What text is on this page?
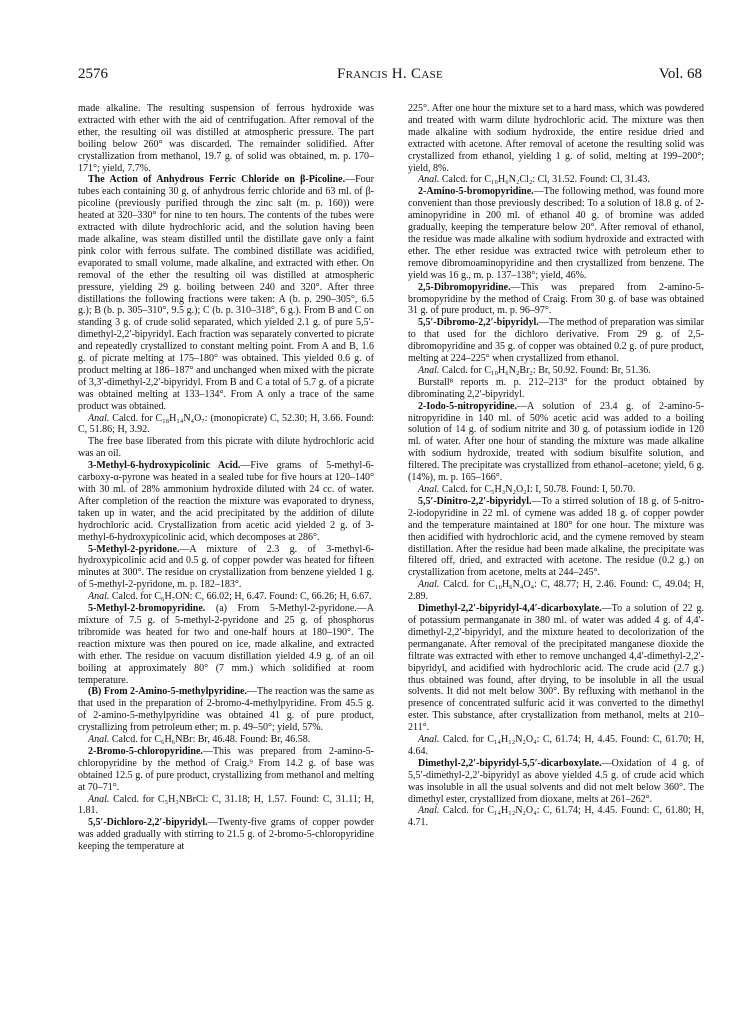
2576	Francis H. Case	Vol. 68

made alkaline. The resulting suspension of ferrous hydroxide was extracted with ether with the aid of centrifugation. After removal of the ether, the resulting oil was distilled at atmospheric pressure. The part boiling below 260° was discarded. The remainder solidified. After crystallization from methanol, 19.7 g. of solid was obtained, m. p. 170–171°; yield, 7.7%.

The Action of Anhydrous Ferric Chloride on β-Picoline.—Four tubes each containing 30 g. of anhydrous ferric chloride and 63 ml. of β-picoline (previously purified through the zinc salt (m. p. 160)) were heated at 320–330° for nine to ten hours. The contents of the tubes were extracted with dilute hydrochloric acid, and the solution having been made alkaline, was steam distilled until the distillate gave only a faint pink color with ferrous sulfate. The combined distillate was acidified, evaporated to small volume, made alkaline, and extracted with ether. On removal of the ether the resulting oil was distilled at atmospheric pressure, yielding 29 g. boiling between 240 and 320°. After three distillations the following fractions were taken: A (b. p. 290–305°, 6.5 g.); B (b. p. 305–310°, 9.5 g.); C (b. p. 310–318°, 6 g.). From B and C on standing 3 g. of crude solid separated, which yielded 2.1 g. of pure 5,5′-dimethyl-2,2′-bipyridyl. Each fraction was separately converted to picrate and repeatedly crystallized to constant melting point. From A and B, 1.6 g. of picrate melting at 175–180° was obtained. This yielded 0.6 g. of product melting at 186–187° and unchanged when mixed with the picrate of 3,3′-dimethyl-2,2′-bipyridyl. From B and C a total of 5.7 g. of a picrate was obtained melting at 133–134°. From A only a trace of the same product was obtained.

Anal. Calcd. for C₁₈H₁₄N₄O₇: (monopicrate) C, 52.30; H, 3.66. Found: C, 51.86; H, 3.92.

The free base liberated from this picrate with dilute hydrochloric acid was an oil.

3-Methyl-6-hydroxypicolinic Acid.—Five grams of 5-methyl-6-carboxy-α-pyrone was heated in a sealed tube for five hours at 120–140° with 30 ml. of 28% ammonium hydroxide diluted with 24 cc. of water. After completion of the reaction the mixture was evaporated to dryness, taken up in water, and the acid precipitated by the addition of dilute hydrochloric acid. Crystallization from acetic acid yielded 2 g. of 3-methyl-6-hydroxypicolinic acid, which decomposes at 286°.

5-Methyl-2-pyridone.—A mixture of 2.3 g. of 3-methyl-6-hydroxypicolinic acid and 0.5 g. of copper powder was heated for fifteen minutes at 300°. The residue on crystallization from benzene yielded 1 g. of 5-methyl-2-pyridone, m. p. 182–183°.

Anal. Calcd. for C₆H₇ON: C, 66.02; H, 6.47. Found: C, 66.26; H, 6.67.

5-Methyl-2-bromopyridine. (a) From 5-Methyl-2-pyridone.—A mixture of 7.5 g. of 5-methyl-2-pyridone and 25 g. of phosphorus tribromide was heated for two and one-half hours at 180–190°. The reaction mixture was then poured on ice, made alkaline, and extracted with ether. The residue on vacuum distillation yielded 4.9 g. of an oil boiling at approximately 80° (7 mm.) which solidified at room temperature.

(B) From 2-Amino-5-methylpyridine.—The reaction was the same as that used in the preparation of 2-bromo-4-methylpyridine. From 45.5 g. of 2-amino-5-methylpyridine was obtained 41 g. of pure product, crystallizing from petroleum ether; m. p. 49–50°; yield, 57%.

Anal. Calcd. for C₆H₆NBr: Br, 46.48. Found: Br, 46.58.

2-Bromo-5-chloropyridine.—This was prepared from 2-amino-5-chloropyridine by the method of Craig.⁹ From 14.2 g. of base was obtained 12.5 g. of pure product, crystallizing from methanol and melting at 70–71°.

Anal. Calcd. for C₅H₃NBrCl: C, 31.18; H, 1.57. Found: C, 31.11; H, 1.81.

5,5′-Dichloro-2,2′-bipyridyl.—Twenty-five grams of copper powder was added gradually with stirring to 21.5 g. of 2-bromo-5-chloropyridine keeping the temperature at

225°. After one hour the mixture set to a hard mass, which was powdered and treated with warm dilute hydrochloric acid. The mixture was then made alkaline with sodium hydroxide, the entire residue dried and extracted with acetone. After removal of acetone the resulting solid was crystallized from ethanol, yielding 1 g. of solid, melting at 199–200°; yield, 8%.

Anal. Calcd. for C₁₀H₆N₂Cl₂: Cl, 31.52. Found: Cl, 31.43.

2-Amino-5-bromopyridine.—The following method, was found more convenient than those previously described: To a solution of 18.8 g. of 2-aminopyridine in 200 ml. of ethanol 40 g. of bromine was added gradually, keeping the temperature below 20°. After removal of ethanol, the residue was made alkaline with sodium hydroxide and extracted with ether. The ether residue was extracted twice with petroleum ether to remove dibromoaminopyridine and then crystallized from benzene. The yield was 16 g., m. p. 137–138°; yield, 46%.

2,5-Dibromopyridine.—This was prepared from 2-amino-5-bromopyridine by the method of Craig. From 30 g. of base was obtained 31 g. of pure product, m. p. 96–97°.

5,5′-Dibromo-2,2′-bipyridyl.—The method of preparation was similar to that used for the dichloro derivative. From 29 g. of 2,5-dibromopyridine and 35 g. of copper was obtained 0.2 g. of pure product, melting at 224–225° when crystallized from ethanol.

Anal. Calcd. for C₁₀H₆N₂Br₂: Br, 50.92. Found: Br, 51.36.

Burstall⁸ reports m. p. 212–213° for the product obtained by dibrominating 2,2′-bipyridyl.

2-Iodo-5-nitropyridine.—A solution of 23.4 g. of 2-amino-5-nitropyridine in 140 ml. of 50% acetic acid was added to a boiling solution of 14 g. of sodium nitrite and 30 g. of potassium iodide in 120 ml. of water. After one hour of standing the mixture was made alkaline with sodium hydroxide, treated with sodium bisulfite solution, and filtered. The precipitate was crystallized from ethanol–acetone; yield, 6 g. (14%), m. p. 165–166°.

Anal. Calcd. for C₅H₃N₂O₂I: I, 50.78. Found: I, 50.70.

5,5′-Dinitro-2,2′-bipyridyl.—To a stirred solution of 18 g. of 5-nitro-2-iodopyridine in 22 ml. of cymene was added 18 g. of copper powder and the temperature maintained at 180° for one hour. The mixture was then acidified with hydrochloric acid, and the cymene removed by steam distillation. After the residue had been made alkaline, the precipitate was filtered off, dried, and extracted with acetone. The residue (0.2 g.) on crystallization from acetone, melts at 244–245°.

Anal. Calcd. for C₁₀H₆N₄O₄: C, 48.77; H, 2.46. Found: C, 49.04; H, 2.89.

Dimethyl-2,2′-bipyridyl-4,4′-dicarboxylate.—To a solution of 22 g. of potassium permanganate in 380 ml. of water was added 4 g. of 4,4′-dimethyl-2,2′-bipyridyl, and the mixture heated to decolorization of the permanganate. After removal of the precipitated manganese dioxide the filtrate was extracted with ether to remove unchanged 4,4′-dimethyl-2,2′-bipyridyl, and acidified with hydrochloric acid. The crude acid (2.7 g.) thus obtained was found, after drying, to be insoluble in all the usual solvents. It did not melt below 300°. By refluxing with methanol in the presence of concentrated sulfuric acid it was converted to the dimethyl ester. This substance, after crystallization from methanol, melts at 210–211°.

Anal. Calcd. for C₁₄H₁₂N₂O₄: C, 61.74; H, 4.45. Found: C, 61.70; H, 4.64.

Dimethyl-2,2′-bipyridyl-5,5′-dicarboxylate.—Oxidation of 4 g. of 5,5′-dimethyl-2,2′-bipyridyl as above yielded 4.5 g. of crude acid which was insoluble in all the usual solvents and did not melt below 360°. The dimethyl ester, crystallized from dioxane, melts at 261–262°.

Anal. Calcd. for C₁₄H₁₂N₂O₄: C, 61.74; H, 4.45. Found: C, 61.80; H, 4.71.
